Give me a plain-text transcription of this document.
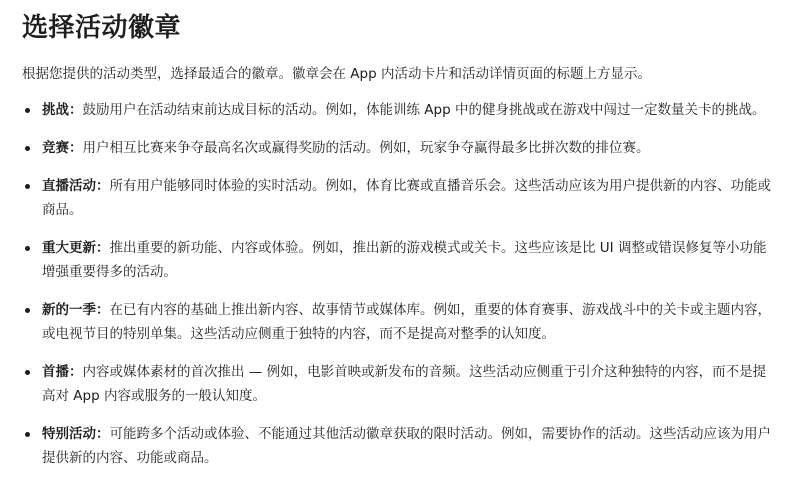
选择活动徽章

根据您提供的活动类型，选择最适合的徽章。徽章会在 App 内活动卡片和活动详情页面的标题上方显示。

挑战：鼓励用户在活动结束前达成目标的活动。例如，体能训练 App 中的健身挑战或在游戏中闯过一定数量关卡的挑战。
竞赛：用户相互比赛来争夺最高名次或赢得奖励的活动。例如，玩家争夺赢得最多比拼次数的排位赛。
直播活动：所有用户能够同时体验的实时活动。例如，体育比赛或直播音乐会。这些活动应该为用户提供新的内容、功能或商品。
重大更新：推出重要的新功能、内容或体验。例如，推出新的游戏模式或关卡。这些应该是比 UI 调整或错误修复等小功能增强重要得多的活动。
新的一季：在已有内容的基础上推出新内容、故事情节或媒体库。例如，重要的体育赛事、游戏战斗中的关卡或主题内容，或电视节目的特别单集。这些活动应侧重于独特的内容，而不是提高对整季的认知度。
首播：内容或媒体素材的首次推出 — 例如，电影首映或新发布的音频。这些活动应侧重于引介这种独特的内容，而不是提高对 App 内容或服务的一般认知度。
特别活动：可能跨多个活动或体验、不能通过其他活动徽章获取的限时活动。例如，需要协作的活动。这些活动应该为用户提供新的内容、功能或商品。
